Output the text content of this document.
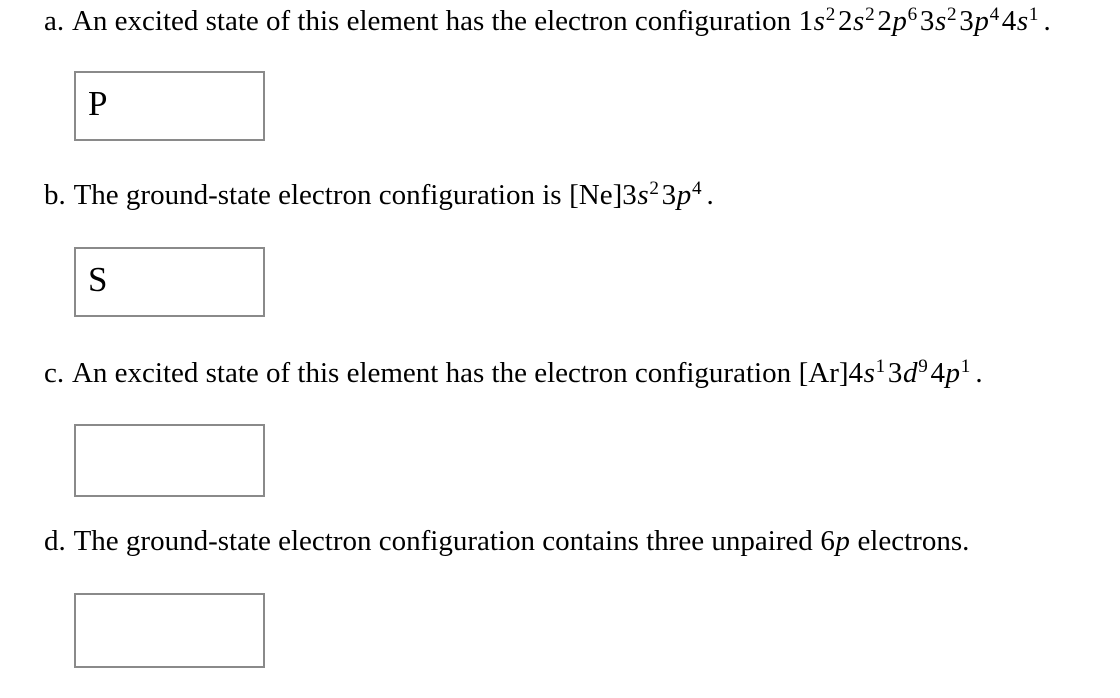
a. An excited state of this element has the electron configuration $1s^22s^22p^63s^23p^44s^1$ .
P
b. The ground-state electron configuration is $[Ne]3s^23p^4$ .
S
c. An excited state of this element has the electron configuration $[Ar]4s^13d^94p^1$ .
d. The ground-state electron configuration contains three unpaired 6p electrons.
